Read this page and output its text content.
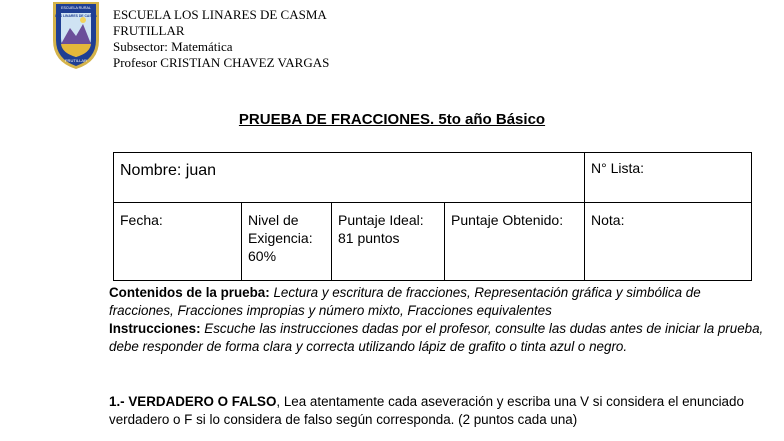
ESCUELA RURAL
LOS LINARES DE CASMA
FRUTILLAR
ESCUELA LOS LINARES DE CASMA
FRUTILLAR
Subsector: Matemática
Profesor CRISTIAN CHAVEZ VARGAS
PRUEBA DE FRACCIONES. 5to año Básico
Nombre: juan				N° Lista:
Fecha:	Nivel de Exigencia: 60%	Puntaje Ideal: 81 puntos	Puntaje Obtenido:	Nota:

Contenidos de la prueba: Lectura y escritura de fracciones, Representación gráfica y simbólica de fracciones, Fracciones impropias y número mixto, Fracciones equivalentes

Instrucciones: Escuche las instrucciones dadas por el profesor, consulte las dudas antes de iniciar la prueba, debe responder de forma clara y correcta utilizando lápiz de grafito o tinta azul o negro.

1.- VERDADERO O FALSO, Lea atentamente cada aseveración y escriba una V si considera el enunciado verdadero o F si lo considera de falso según corresponda. (2 puntos cada una)
